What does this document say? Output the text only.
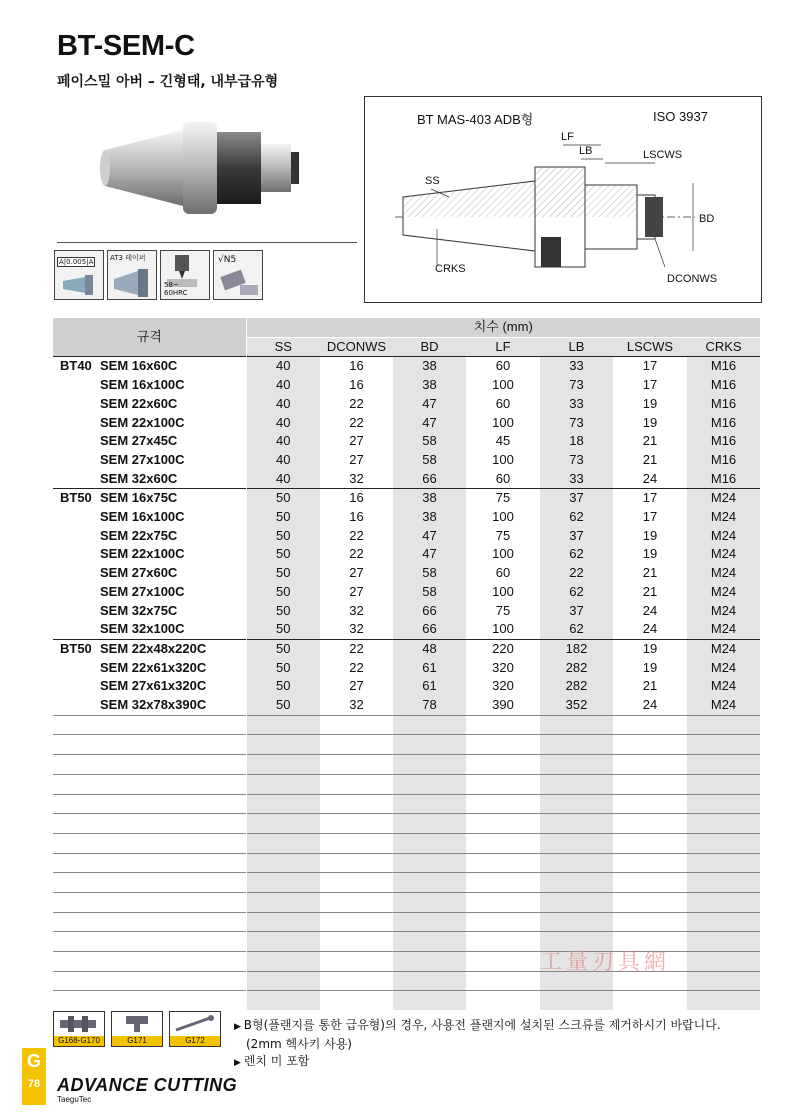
BT-SEM-C
페이스밀 아버 – 긴형태, 내부급유형
A|0.005|A AT3 테이퍼
58~
60HRC
√N5
BT MAS-403 ADB형	ISO 3937
LF
LB	LSCWS
SS
BD
CRKS
DCONWS
규격		치수 (mm)						
		SS	DCONWS	BD	LF	LB	LSCWS	CRKS
BT40	SEM 16x60C	40	16	38	60	33	17	M16
	SEM 16x100C	40	16	38	100	73	17	M16
	SEM 22x60C	40	22	47	60	33	19	M16
	SEM 22x100C	40	22	47	100	73	19	M16
	SEM 27x45C	40	27	58	45	18	21	M16
	SEM 27x100C	40	27	58	100	73	21	M16
	SEM 32x60C	40	32	66	60	33	24	M16
BT50	SEM 16x75C	50	16	38	75	37	17	M24
	SEM 16x100C	50	16	38	100	62	17	M24
	SEM 22x75C	50	22	47	75	37	19	M24
	SEM 22x100C	50	22	47	100	62	19	M24
	SEM 27x60C	50	27	58	60	22	21	M24
	SEM 27x100C	50	27	58	100	62	21	M24
	SEM 32x75C	50	32	66	75	37	24	M24
	SEM 32x100C	50	32	66	100	62	24	M24
BT50	SEM 22x48x220C	50	22	48	220	182	19	M24
	SEM 22x61x320C	50	22	61	320	282	19	M24
	SEM 27x61x320C	50	27	61	320	282	21	M24
	SEM 32x78x390C	50	32	78	390	352	24	M24

工量刃具網
G168-G170	G171	G172
▶ B형(플랜지를 통한 급유형)의 경우, 사용전 플랜지에 설치된 스크류를 제거하시기 바랍니다.
(2mm 헥사키 사용)
▶ 렌치 미 포함
G
78 ADVANCE CUTTING
TaeguTec
